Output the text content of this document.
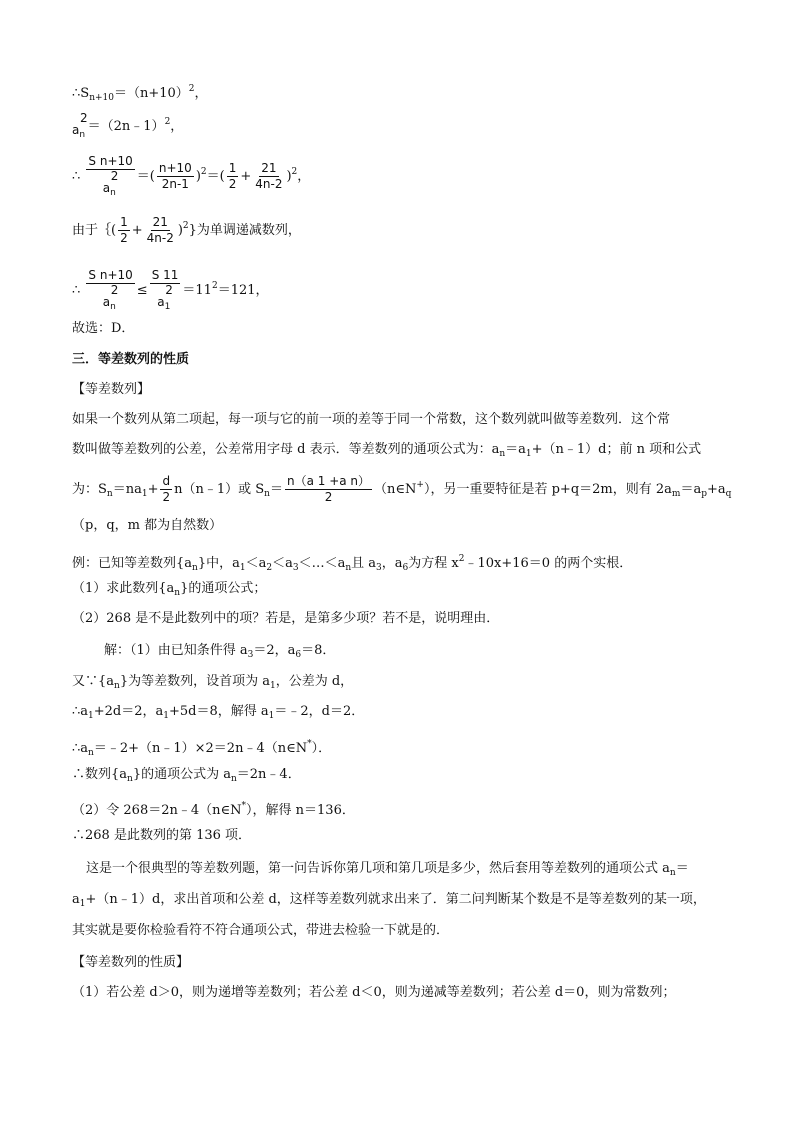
$\therefore S_{n+10}=(n+10)^2$，
2
$a_n$
＝（2n﹣1）$^2$，
∴ S n+10
2
$a_n$ ＝( $\frac{n+10}{2n-1} )^2=( \frac{1}{2} + \frac{21}{4n-2} )^2$，
由于｛( $\frac{1}{2} + \frac{21}{4n-2} )^2$}为单调递减数列，
∴ S n+10
2
$a_n \le S$ 11
2
$a_1 =11^2=121$，
故选：D．
三．等差数列的性质
【等差数列】
如果一个数列从第二项起，每一项与它的前一项的差等于同一个常数，这个数列就叫做等差数列．这个常
数叫做等差数列的公差，公差常用字母 d 表示．等差数列的通项公式为：$a_n=a_1+(n﹣1)d$；前 n 项和公式
为：$S_n=na_1+ \frac{d}{2}$ n（n﹣1）或 $S_n= \frac{\text{n（a 1 +a n）}}{2}$ （n∈N+），另一重要特征是若 p+q＝2m，则有 $2a_m=a_p+a_q$
（p，q，m 都为自然数）
例：已知等差数列$\{a_n\}$中，$a_1<a_2<a_3<\dots<a_n$且 $a_3$，$a_6$为方程 $x^2﹣10x+16=0$ 的两个实根．
（1）求此数列$\{a_n\}$的通项公式；
（2）268 是不是此数列中的项？若是，是第多少项？若不是，说明理由．
解：（1）由已知条件得 $a_3=2$，$a_6=8$．
又$\because\{a_n\}$为等差数列，设首项为 $a_1$，公差为 d，
$\therefore a_1+2d=2$，$a_1+5d=8$，解得 $a_1=﹣2$，d＝2．
$\therefore a_n=﹣2+(n﹣1)\times 2=2n﹣4(n\in N^*)$．
∴数列$\{a_n\}$的通项公式为 $a_n=2n﹣4$．
（2）令 268＝2n﹣4（n∈N*），解得 n＝136．
∴268 是此数列的第 136 项．
这是一个很典型的等差数列题，第一问告诉你第几项和第几项是多少，然后套用等差数列的通项公式 $a_n=$
$a_1+(n﹣1)d$，求出首项和公差 d，这样等差数列就求出来了．第二问判断某个数是不是等差数列的某一项，
其实就是要你检验看符不符合通项公式，带进去检验一下就是的．
【等差数列的性质】
（1）若公差 d＞0，则为递增等差数列；若公差 d＜0，则为递减等差数列；若公差 d＝0，则为常数列；
